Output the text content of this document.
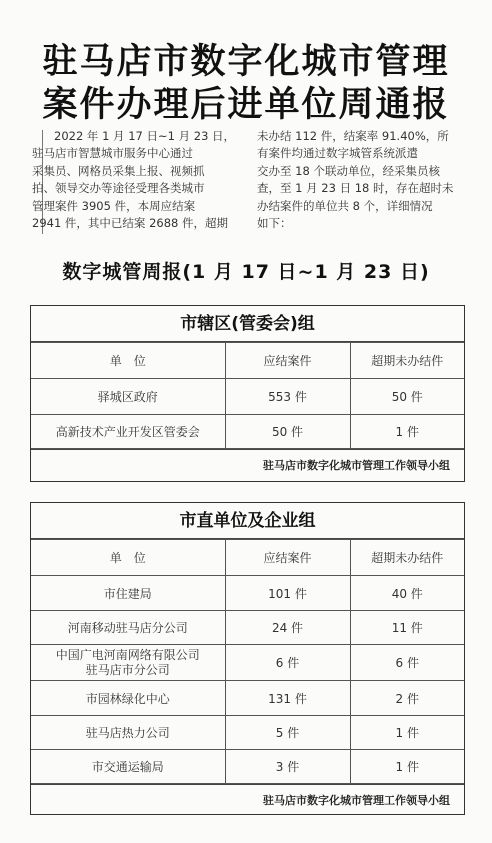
驻马店市数字化城市管理
案件办理后进单位周通报
2022 年 1 月 17 日~1 月 23 日，
驻马店市智慧城市服务中心通过
采集员、网格员采集上报、视频抓
拍、领导交办等途径受理各类城市
管理案件 3905 件，本周应结案
2941 件，其中已结案 2688 件，超期
未办结 112 件，结案率 91.40%，所
有案件均通过数字城管系统派遣
交办至 18 个联动单位，经采集员核
查，至 1 月 23 日 18 时，存在超时未
办结案件的单位共 8 个，详细情况
如下：
数字城管周报(1 月 17 日~1 月 23 日)
市辖区(管委会)组
单　位	应结案件	超期未办结件
驿城区政府	553 件	50 件
高新技术产业开发区管委会	50 件	1 件
驻马店市数字化城市管理工作领导小组
市直单位及企业组
单　位	应结案件	超期未办结件
市住建局	101 件	40 件
河南移动驻马店分公司	24 件	11 件

中国广电河南网络有限公司
驻马店市分公司	6 件	6 件
市园林绿化中心	131 件	2 件
驻马店热力公司	5 件	1 件
市交通运输局	3 件	1 件
驻马店市数字化城市管理工作领导小组
